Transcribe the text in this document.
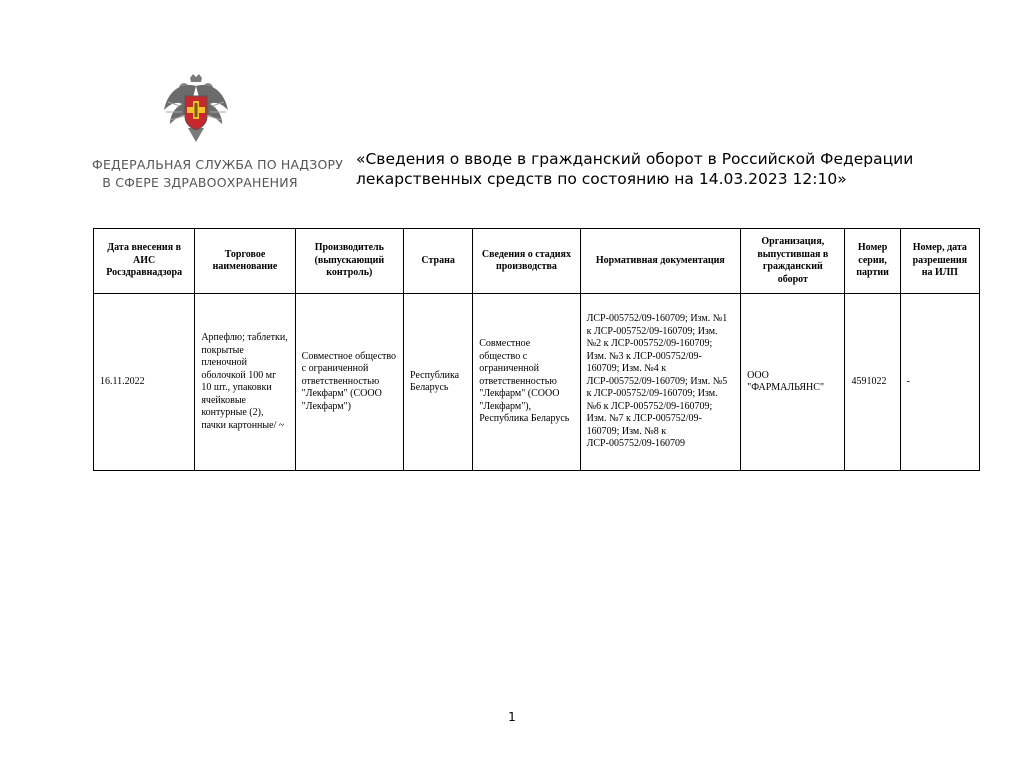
ФЕДЕРАЛЬНАЯ СЛУЖБА ПО НАДЗОРУ
В СФЕРЕ ЗДРАВООХРАНЕНИЯ
«Сведения о вводе в гражданский оборот в Российской Федерации
лекарственных средств по состоянию на 14.03.2023 12:10»
Дата внесения в АИС Росздравнадзора	Торговое наименование	Производитель (выпускающий контроль)	Страна	Сведения о стадиях производства	Нормативная документация	Организация, выпустившая в гражданский оборот	Номер серии, партии	Номер, дата разрешения на ИЛП
16.11.2022	Арпефлю; таблетки, покрытые пленочной оболочкой 100 мг 10 шт., упаковки ячейковые контурные (2), пачки картонные/ ~	Совместное общество с ограниченной ответственностью "Лекфарм" (СООО "Лекфарм")	Республика Беларусь	Совместное общество с ограниченной ответственностью "Лекфарм" (СООО "Лекфарм"), Республика Беларусь	ЛСР-005752/09-160709; Изм. №1 к ЛСР-005752/09-160709; Изм. №2 к ЛСР-005752/09-160709; Изм. №3 к ЛСР-005752/09-160709; Изм. №4 к ЛСР-005752/09-160709; Изм. №5 к ЛСР-005752/09-160709; Изм. №6 к ЛСР-005752/09-160709; Изм. №7 к ЛСР-005752/09-160709; Изм. №8 к ЛСР-005752/09-160709	ООО "ФАРМАЛЬЯНС"	4591022	-
1
